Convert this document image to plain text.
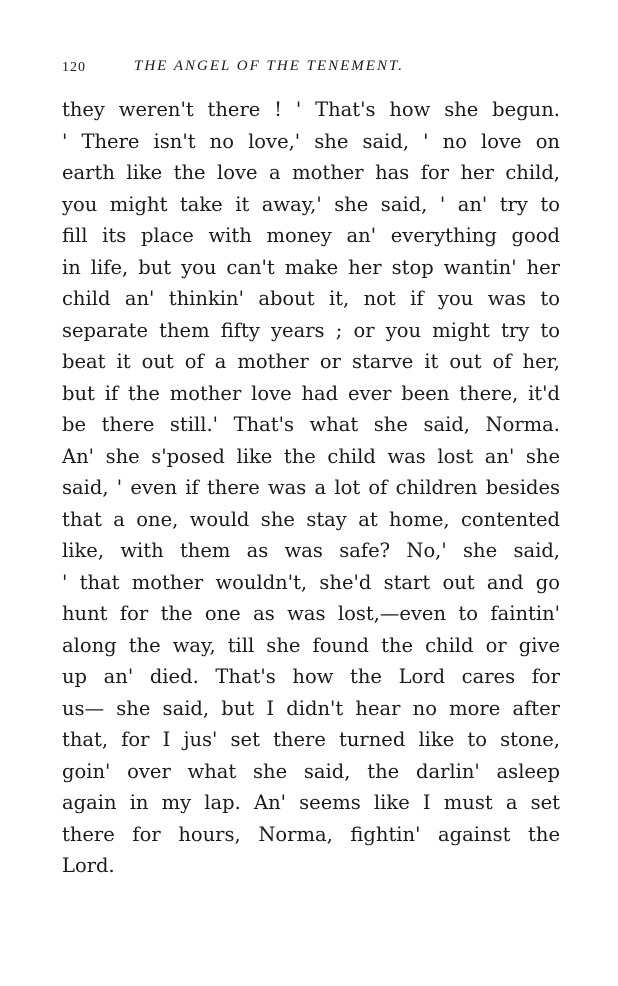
120	THE ANGEL OF THE TENEMENT.
they weren't there ! ' That's how she begun.
' There isn't no love,' she said, ' no love on
earth like the love a mother has for her child,
you might take it away,' she said, ' an' try to
fill its place with money an' everything good
in life, but you can't make her stop wantin' her
child an' thinkin' about it, not if you was to
separate them fifty years ; or you might try to
beat it out of a mother or starve it out of her,
but if the mother love had ever been there, it'd
be there still.' That's what she said, Norma.
An' she s'posed like the child was lost an' she
said, ' even if there was a lot of children besides
that a one, would she stay at home, contented
like, with them as was safe? No,' she said,
' that mother wouldn't, she'd start out and go
hunt for the one as was lost,—even to faintin'
along the way, till she found the child or give
up an' died. That's how the Lord cares for
us— she said, but I didn't hear no more after
that, for I jus' set there turned like to stone,
goin' over what she said, the darlin' asleep
again in my lap. An' seems like I must a set
there for hours, Norma, fightin' against the
Lord.
